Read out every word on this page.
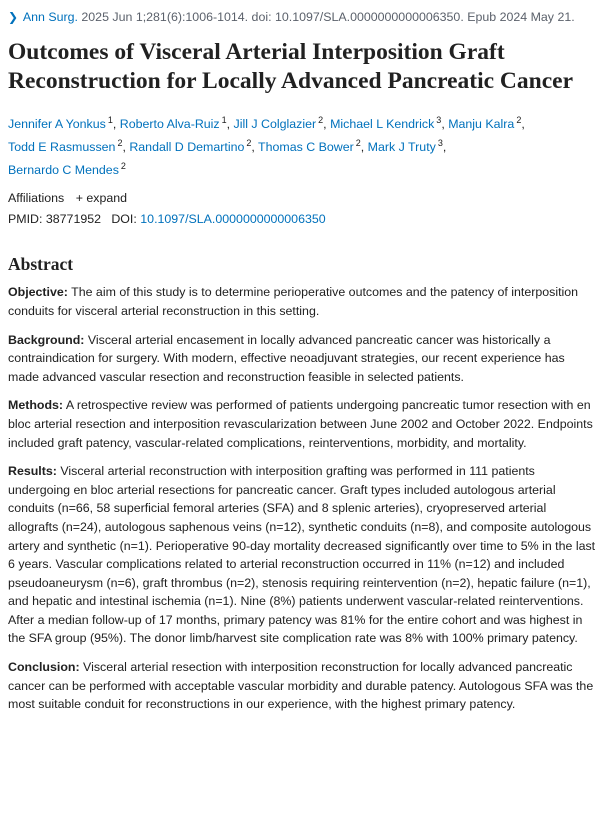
❯ Ann Surg. 2025 Jun 1;281(6):1006-1014. doi: 10.1097/SLA.0000000000006350. Epub 2024 May 21.
Outcomes of Visceral Arterial Interposition Graft Reconstruction for Locally Advanced Pancreatic Cancer
Jennifer A Yonkus $^1$, Roberto Alva-Ruiz $^1$, Jill J Colglazier $^2$, Michael L Kendrick $^3$, Manju Kalra $^2$,
Todd E Rasmussen $^2$, Randall D Demartino $^2$, Thomas C Bower $^2$, Mark J Truty $^3$,
Bernardo C Mendes $^2$
Affiliations + expand
PMID: 38771952 DOI: 10.1097/SLA.0000000000006350
Abstract

Objective: The aim of this study is to determine perioperative outcomes and the patency of interposition conduits for visceral arterial reconstruction in this setting.

Background: Visceral arterial encasement in locally advanced pancreatic cancer was historically a contraindication for surgery. With modern, effective neoadjuvant strategies, our recent experience has made advanced vascular resection and reconstruction feasible in selected patients.

Methods: A retrospective review was performed of patients undergoing pancreatic tumor resection with en bloc arterial resection and interposition revascularization between June 2002 and October 2022. Endpoints included graft patency, vascular-related complications, reinterventions, morbidity, and mortality.

Results: Visceral arterial reconstruction with interposition grafting was performed in 111 patients undergoing en bloc arterial resections for pancreatic cancer. Graft types included autologous arterial conduits (n=66, 58 superficial femoral arteries (SFA) and 8 splenic arteries), cryopreserved arterial allografts (n=24), autologous saphenous veins (n=12), synthetic conduits (n=8), and composite autologous artery and synthetic (n=1). Perioperative 90-day mortality decreased significantly over time to 5% in the last 6 years. Vascular complications related to arterial reconstruction occurred in 11% (n=12) and included pseudoaneurysm (n=6), graft thrombus (n=2), stenosis requiring reintervention (n=2), hepatic failure (n=1), and hepatic and intestinal ischemia (n=1). Nine (8%) patients underwent vascular-related reinterventions. After a median follow-up of 17 months, primary patency was 81% for the entire cohort and was highest in the SFA group (95%). The donor limb/harvest site complication rate was 8% with 100% primary patency.

Conclusion: Visceral arterial resection with interposition reconstruction for locally advanced pancreatic cancer can be performed with acceptable vascular morbidity and durable patency. Autologous SFA was the most suitable conduit for reconstructions in our experience, with the highest primary patency.
